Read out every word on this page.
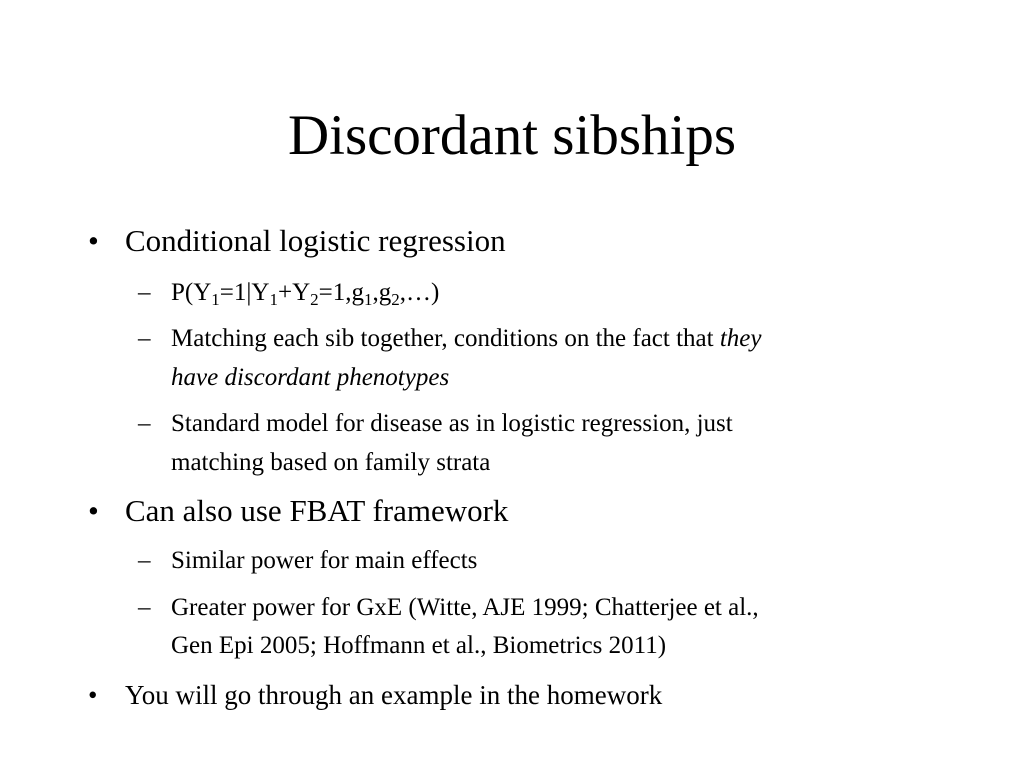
Discordant sibships
• Conditional logistic regression
– P(Y1=1|Y1+Y2=1,g1,g2,…)
– Matching each sib together, conditions on the fact that they
have discordant phenotypes
– Standard model for disease as in logistic regression, just
matching based on family strata
• Can also use FBAT framework
– Similar power for main effects
– Greater power for GxE (Witte, AJE 1999; Chatterjee et al.,
Gen Epi 2005; Hoffmann et al., Biometrics 2011)
• You will go through an example in the homework
